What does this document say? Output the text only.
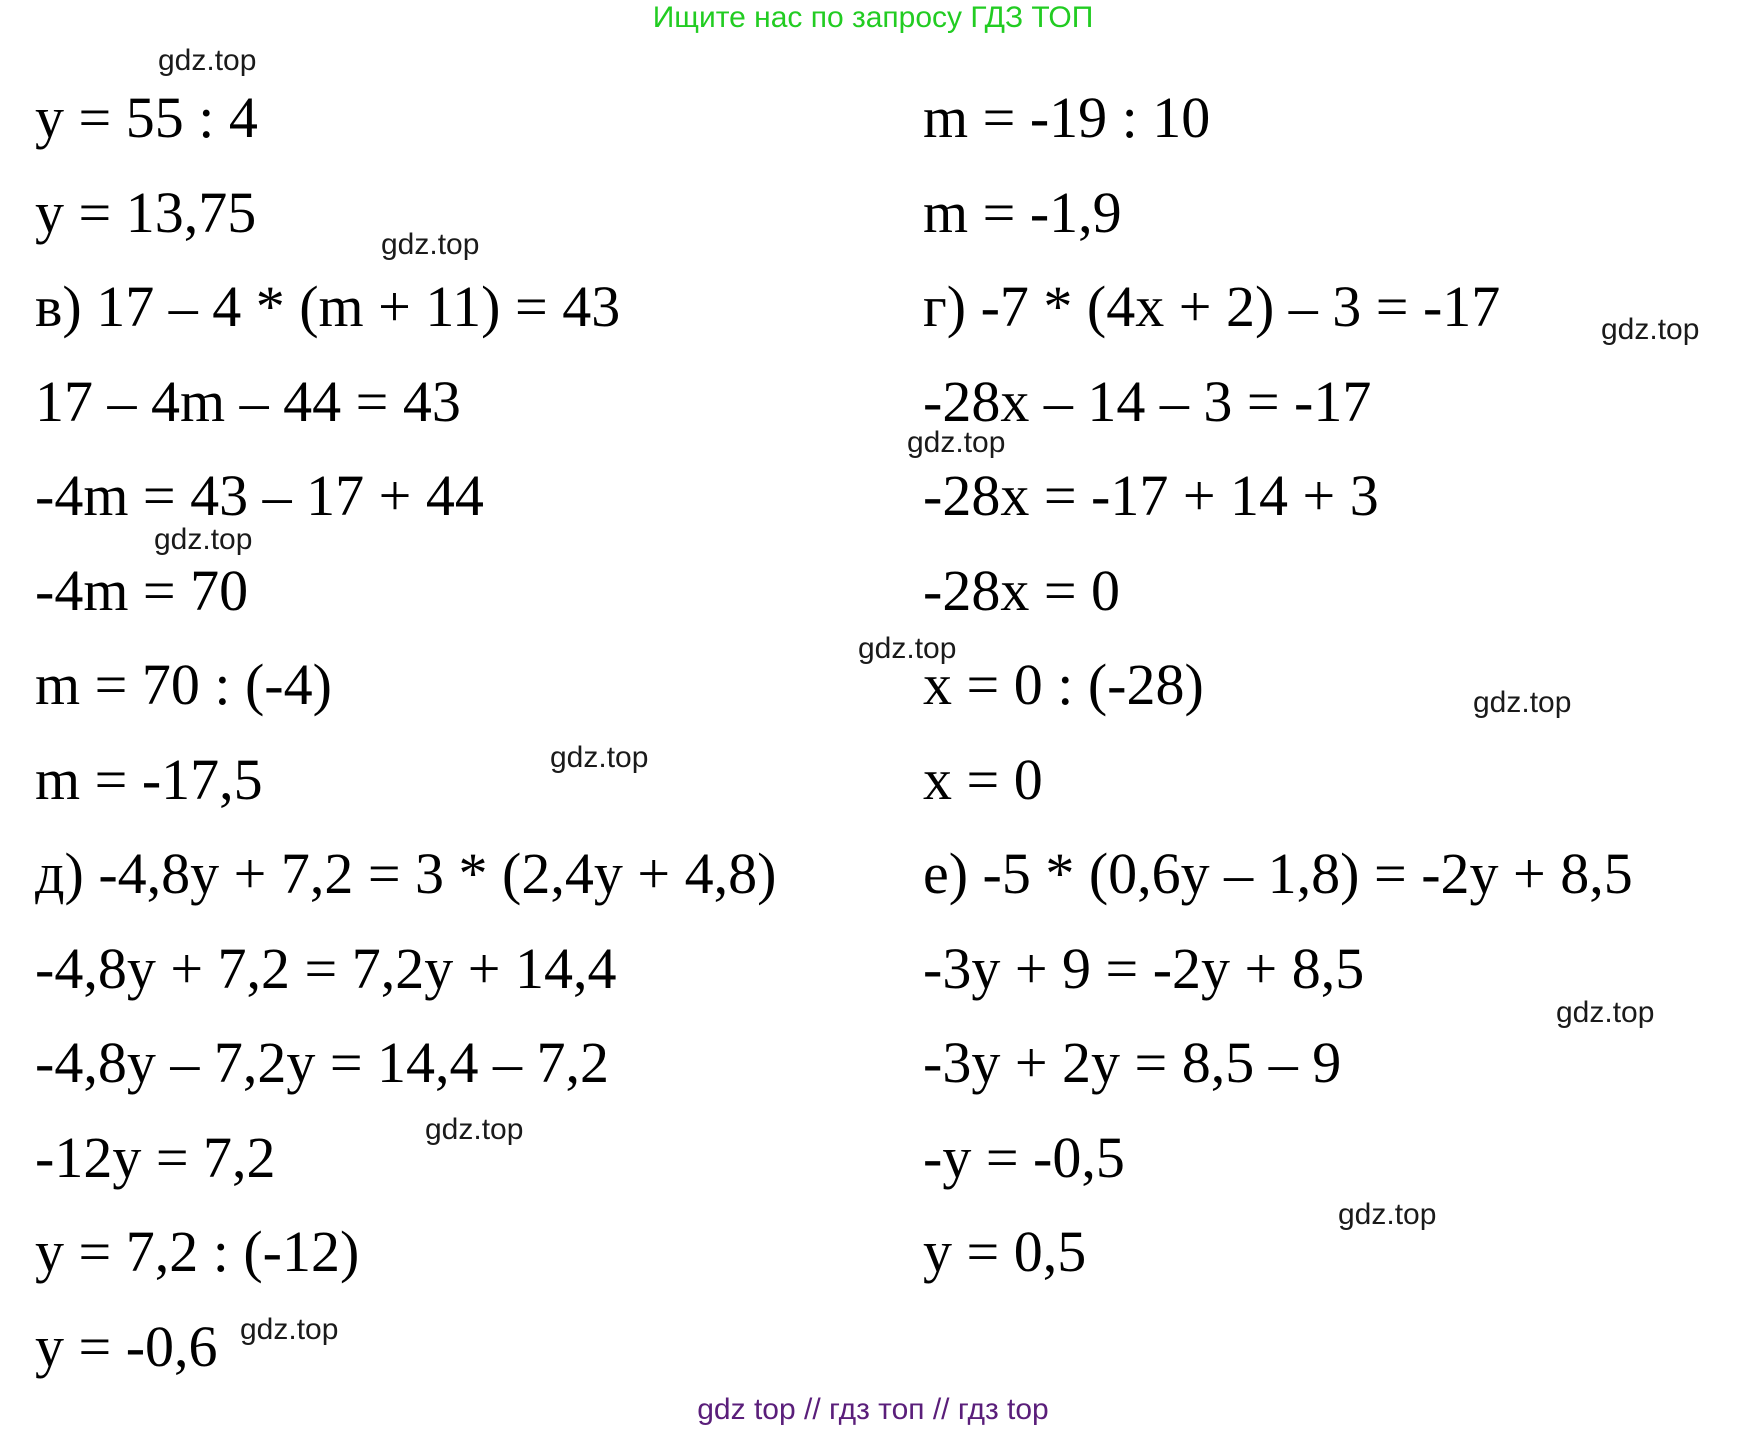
Ищите нас по запросу ГДЗ ТОП
y = 55 : 4
y = 13,75
в) 17 – 4 * (m + 11) = 43
17 – 4m – 44 = 43
-4m = 43 – 17 + 44
-4m = 70
m = 70 : (-4)
m = -17,5
д) -4,8y + 7,2 = 3 * (2,4y + 4,8)
-4,8y + 7,2 = 7,2y + 14,4
-4,8y – 7,2y = 14,4 – 7,2
-12y = 7,2
y = 7,2 : (-12)
y = -0,6
m = -19 : 10
m = -1,9
г) -7 * (4x + 2) – 3 = -17
-28x – 14 – 3 = -17
-28x = -17 + 14 + 3
-28x = 0
x = 0 : (-28)
x = 0
е) -5 * (0,6y – 1,8) = -2y + 8,5
-3y + 9 = -2y + 8,5
-3y + 2y = 8,5 – 9
-y = -0,5
y = 0,5
gdz.top
gdz.top
gdz.top
gdz.top
gdz.top
gdz.top
gdz.top
gdz.top
gdz.top
gdz.top
gdz.top
gdz.top
gdz top // гдз топ // гдз top
